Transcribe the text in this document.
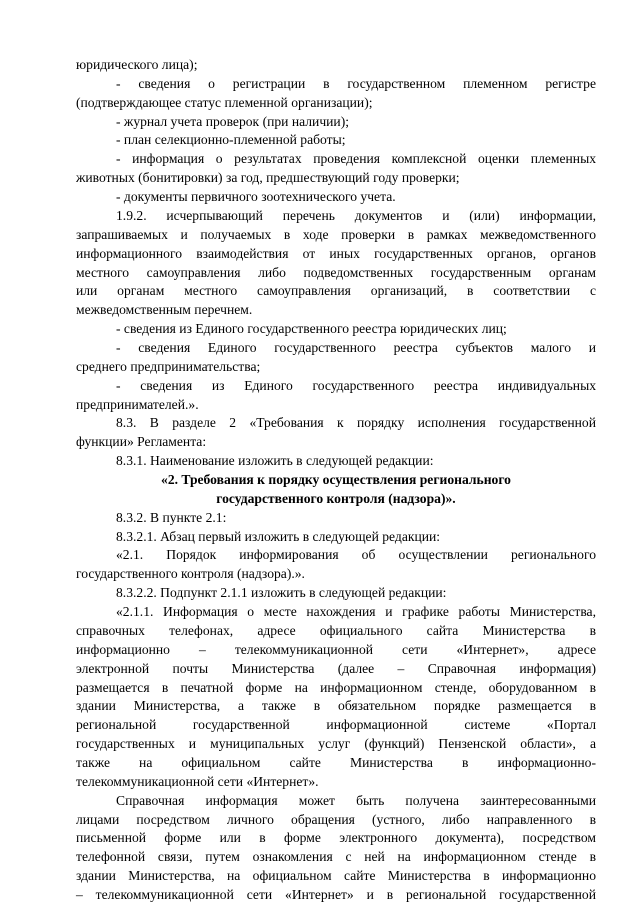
юридического лица);
- сведения о регистрации в государственном племенном регистре
(подтверждающее статус племенной организации);
- журнал учета проверок (при наличии);
- план селекционно-племенной работы;
- информация о результатах проведения комплексной оценки племенных
животных (бонитировки) за год, предшествующий году проверки;
- документы первичного зоотехнического учета.
1.9.2. исчерпывающий перечень документов и (или) информации,
запрашиваемых и получаемых в ходе проверки в рамках межведомственного
информационного взаимодействия от иных государственных органов, органов
местного самоуправления либо подведомственных государственным органам
или органам местного самоуправления организаций, в соответствии с
межведомственным перечнем.
- сведения из Единого государственного реестра юридических лиц;
- сведения Единого государственного реестра субъектов малого и
среднего предпринимательства;
- сведения из Единого государственного реестра индивидуальных
предпринимателей.».
8.3. В разделе 2 «Требования к порядку исполнения государственной
функции» Регламента:
8.3.1. Наименование изложить в следующей редакции:
«2. Требования к порядку осуществления регионального
государственного контроля (надзора)».
8.3.2. В пункте 2.1:
8.3.2.1. Абзац первый изложить в следующей редакции:
«2.1. Порядок информирования об осуществлении регионального
государственного контроля (надзора).».
8.3.2.2. Подпункт 2.1.1 изложить в следующей редакции:
«2.1.1. Информация о месте нахождения и графике работы Министерства,
справочных телефонах, адресе официального сайта Министерства в
информационно – телекоммуникационной сети «Интернет», адресе
электронной почты Министерства (далее – Справочная информация)
размещается в печатной форме на информационном стенде, оборудованном в
здании Министерства, а также в обязательном порядке размещается в
региональной государственной информационной системе «Портал
государственных и муниципальных услуг (функций) Пензенской области», а
также на официальном сайте Министерства в информационно-
телекоммуникационной сети «Интернет».
Справочная информация может быть получена заинтересованными
лицами посредством личного обращения (устного, либо направленного в
письменной форме или в форме электронного документа), посредством
телефонной связи, путем ознакомления с ней на информационном стенде в
здании Министерства, на официальном сайте Министерства в информационно
– телекоммуникационной сети «Интернет» и в региональной государственной
